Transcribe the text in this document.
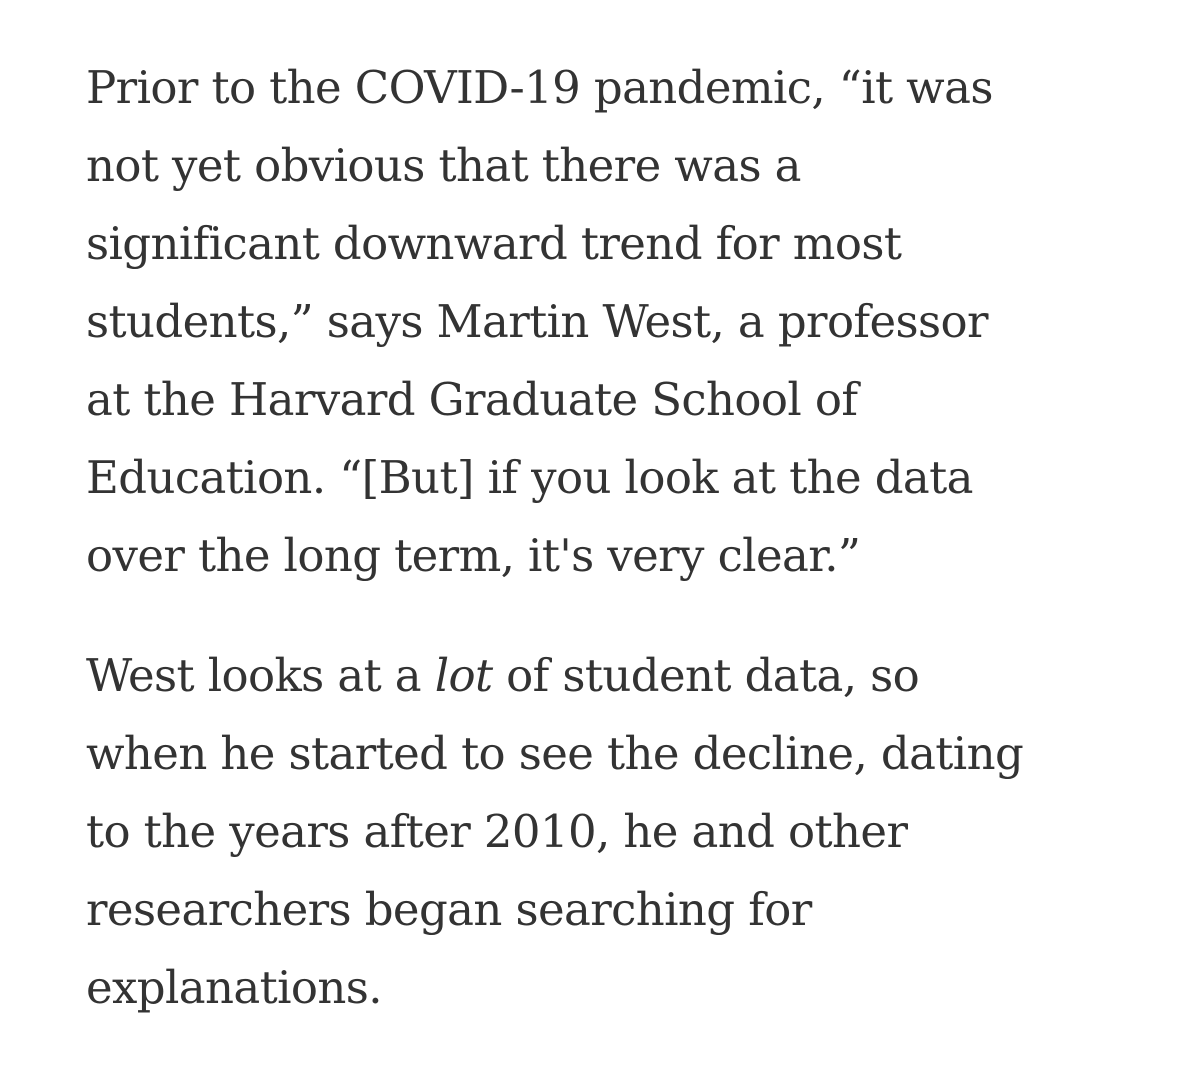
Prior to the COVID-19 pandemic, “it was
not yet obvious that there was a
significant downward trend for most
students,” says Martin West, a professor
at the Harvard Graduate School of
Education. “[But] if you look at the data
over the long term, it's very clear.”

West looks at a lot of student data, so
when he started to see the decline, dating
to the years after 2010, he and other
researchers began searching for
explanations.
